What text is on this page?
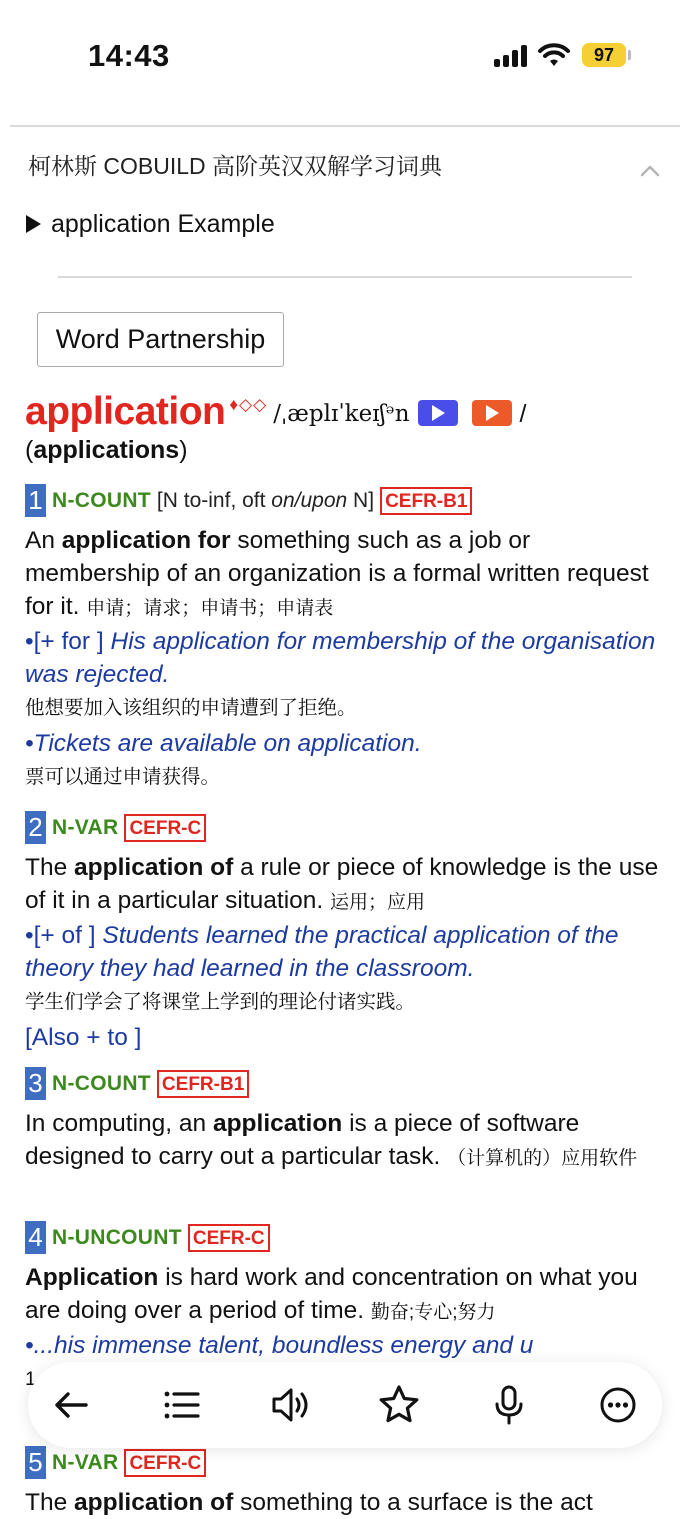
14:43	97
柯林斯 COBUILD 高阶英汉双解学习词典
application Example
Word Partnership
application ♦◇◇ /ˌæplɪˈkeɪʃᵊn	/
(applications)
1 N-COUNT [N to-inf, oft on/upon N] CEFR-B1
An application for something such as a job or membership of an organization is a formal written request for it. 申请；请求；申请书；申请表
•[+ for ] His application for membership of the organisation was rejected.
他想要加入该组织的申请遭到了拒绝。
•Tickets are available on application.
票可以通过申请获得。
2 N-VAR CEFR-C
The application of a rule or piece of knowledge is the use of it in a particular situation. 运用；应用
•[+ of ] Students learned the practical application of the theory they had learned in the classroom.
学生们学会了将课堂上学到的理论付诸实践。
[Also + to ]
3 N-COUNT CEFR-B1
In computing, an application is a piece of software designed to carry out a particular task. （计算机的）应用软件
4 N-UNCOUNT CEFR-C
Application is hard work and concentration on what you are doing over a period of time. 勤奋;专心;努力
•...his immense talent, boundless energy and u
1
5 N-VAR CEFR-C
The application of something to a surface is the act
